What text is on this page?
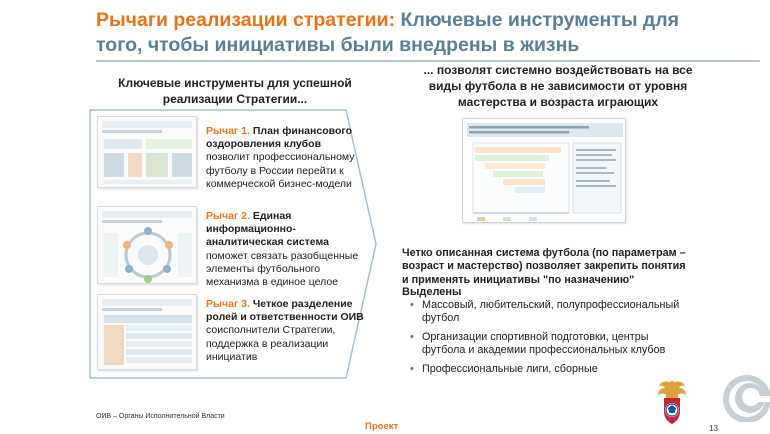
Рычаги реализации стратегии: Ключевые инструменты для того, чтобы инициативы были внедрены в жизнь
Ключевые инструменты для успешной реализации Стратегии...
Рычаг 1. План финансового оздоровления клубов позволит профессиональному футболу в России перейти к коммерческой бизнес-модели
Рычаг 2. Единая информационно-аналитическая система поможет связать разобщенные элементы футбольного механизма в единое целое
Рычаг 3. Четкое разделение ролей и ответственности ОИВ соисполнители Стратегии, поддержка в реализации инициатив
... позволят системно воздействовать на все виды футбола в не зависимости от уровня мастерства и возраста играющих
Четко описанная система футбола (по параметрам – возраст и мастерство) позволяет закрепить понятия и применять инициативы "по назначению"
Выделены
• Массовый, любительский, полупрофессиональный футбол
• Организации спортивной подготовки, центры футбола и академии профессиональных клубов
• Профессиональные лиги, сборные
ОИВ – Органы Исполнительной Власти
Проект	13
